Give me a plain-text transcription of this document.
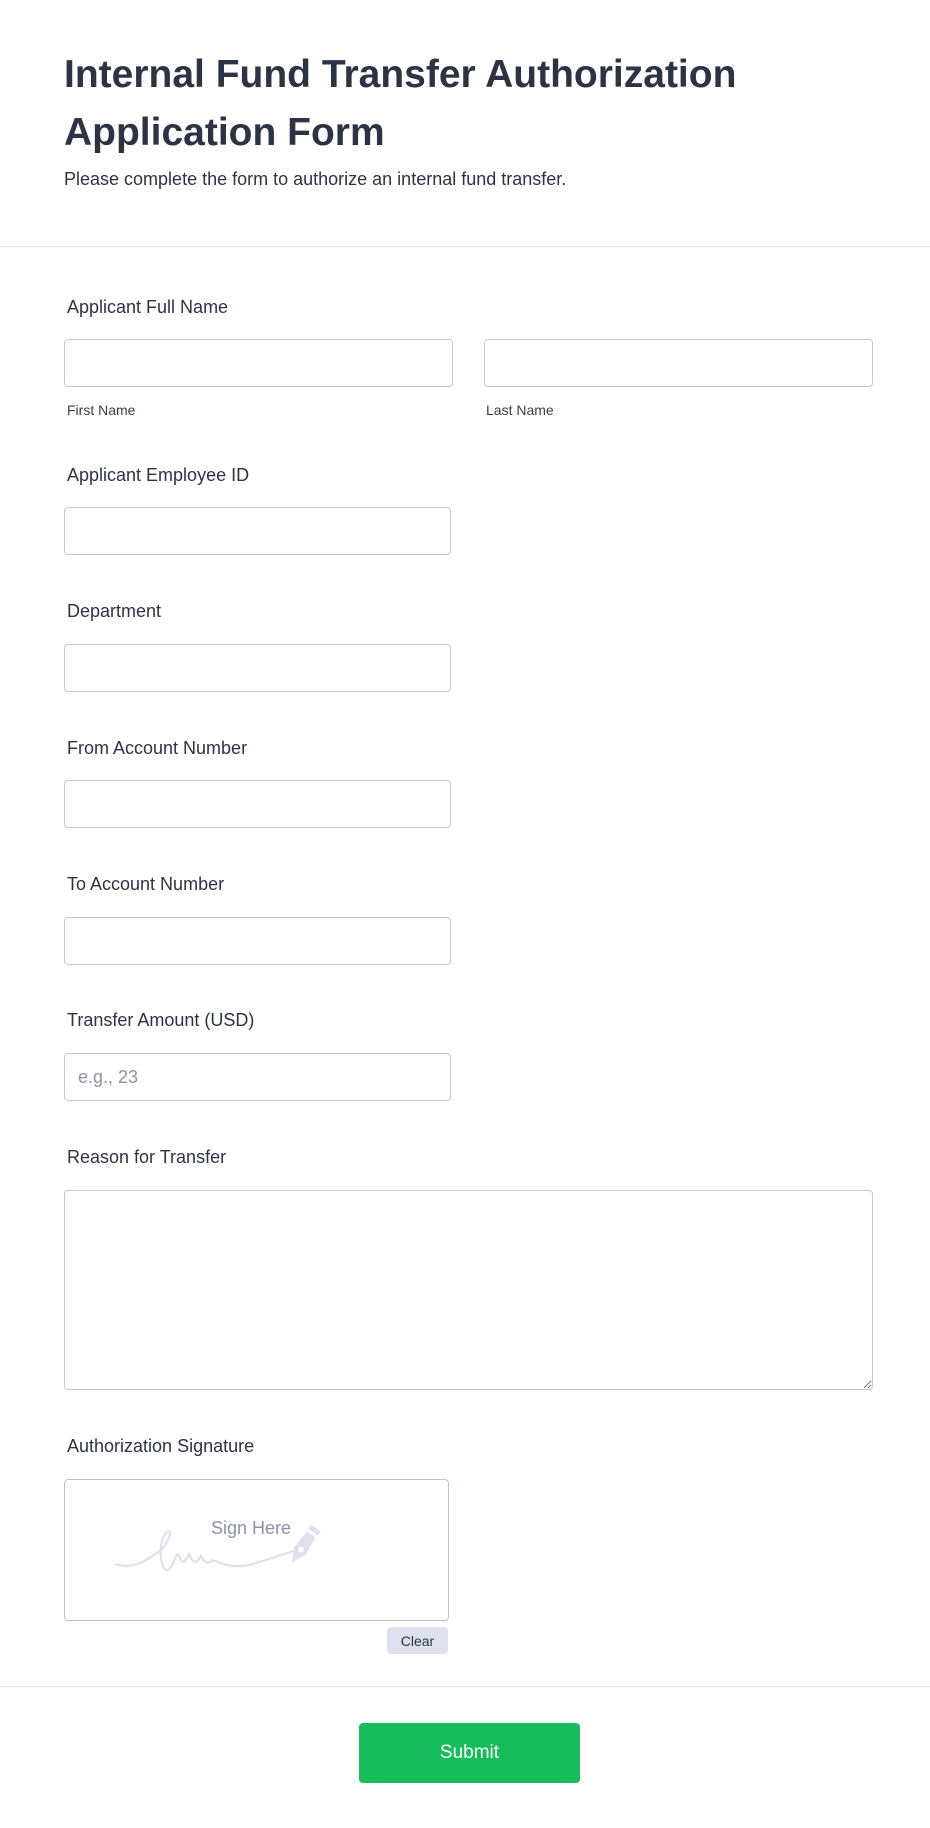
Internal Fund Transfer Authorization Application Form
Please complete the form to authorize an internal fund transfer.
Applicant Full Name
First Name	Last Name
Applicant Employee ID
Department
From Account Number
To Account Number
Transfer Amount (USD)
e.g., 23
Reason for Transfer
Authorization Signature
Sign Here
Clear
Submit
